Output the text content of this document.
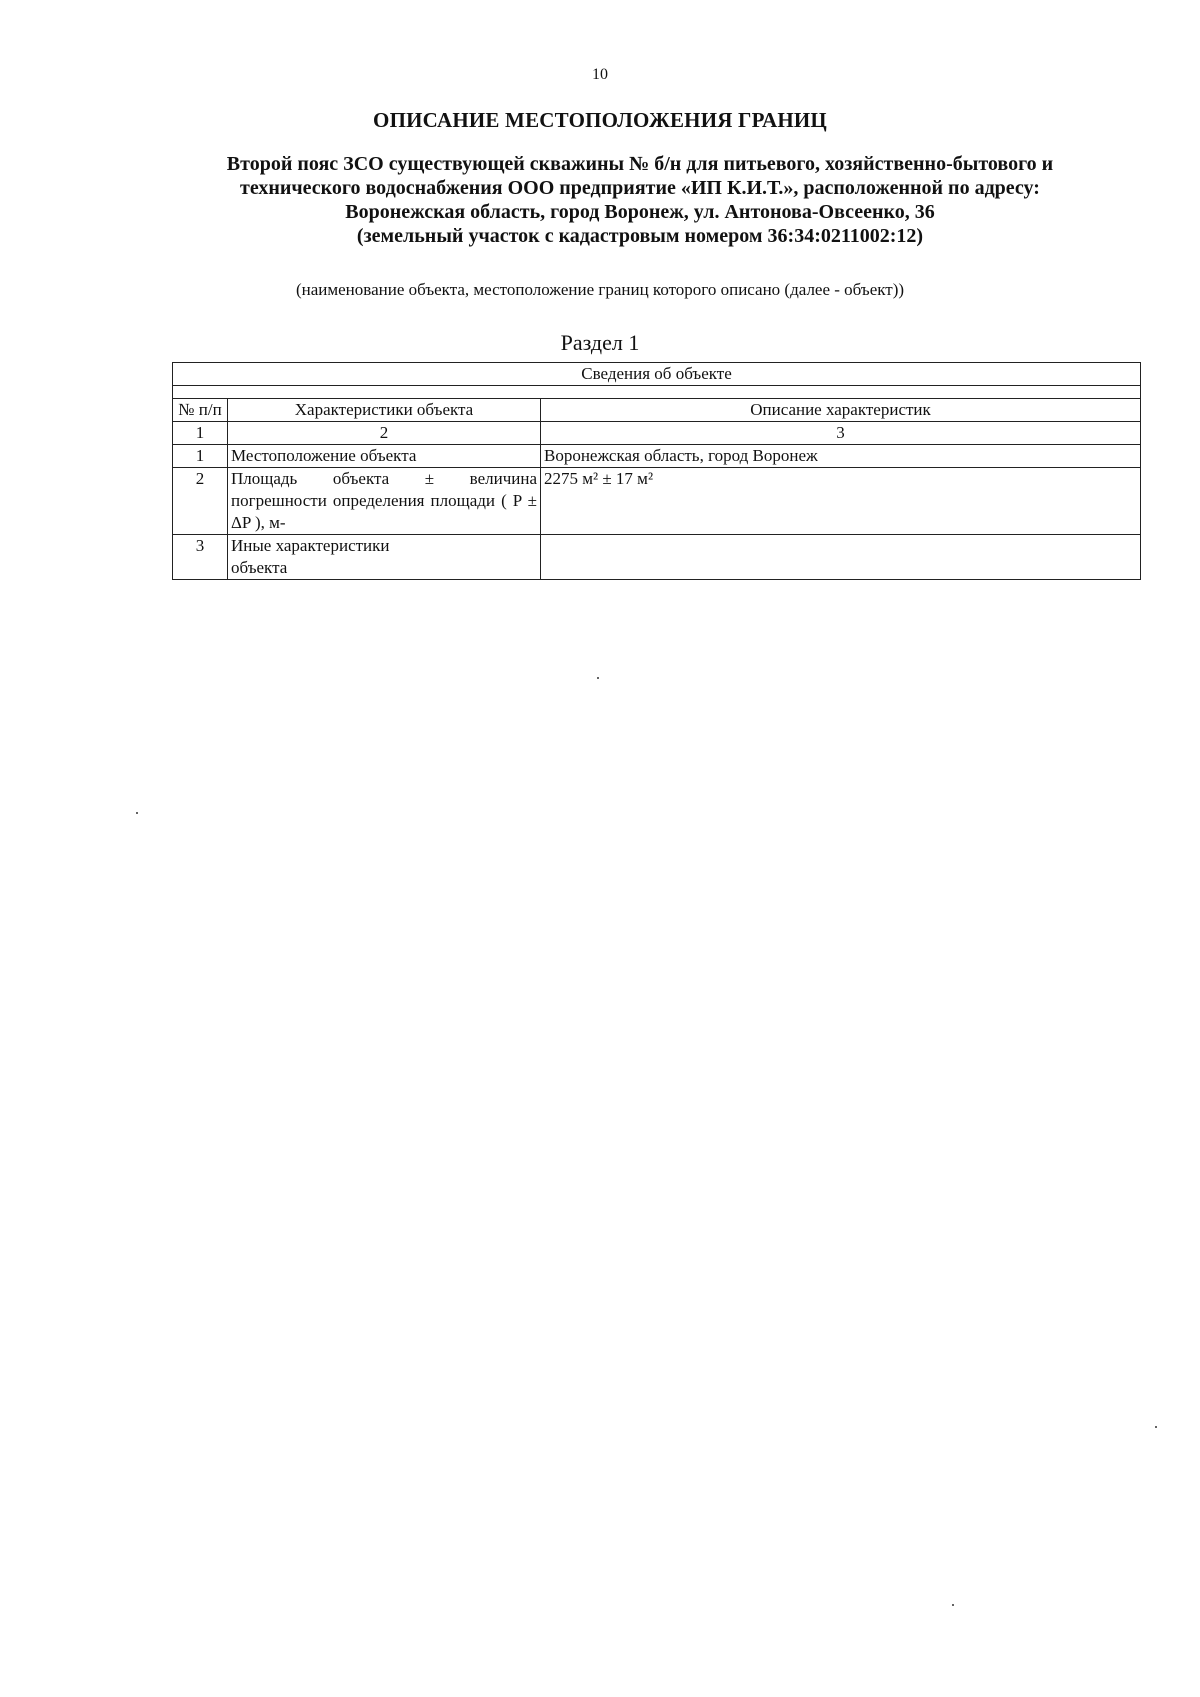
10
ОПИСАНИЕ МЕСТОПОЛОЖЕНИЯ ГРАНИЦ
Второй пояс ЗСО существующей скважины № б/н для питьевого, хозяйственно-бытового и
технического водоснабжения ООО предприятие «ИП К.И.Т.», расположенной по адресу:
Воронежская область, город Воронеж, ул. Антонова-Овсеенко, 36
(земельный участок с кадастровым номером 36:34:0211002:12)
(наименование объекта, местоположение границ которого описано (далее - объект))
Раздел 1
Сведения об объекте		

№ п/п	Характеристики объекта	Описание характеристик
1	2	3
1	Местоположение объекта	Воронежская область, город Воронеж
2	Площадь объекта ± величина погрешности определения площади ( P ± ΔP ), м-	2275 м² ± 17 м²
3	Иные характеристики объекта	
